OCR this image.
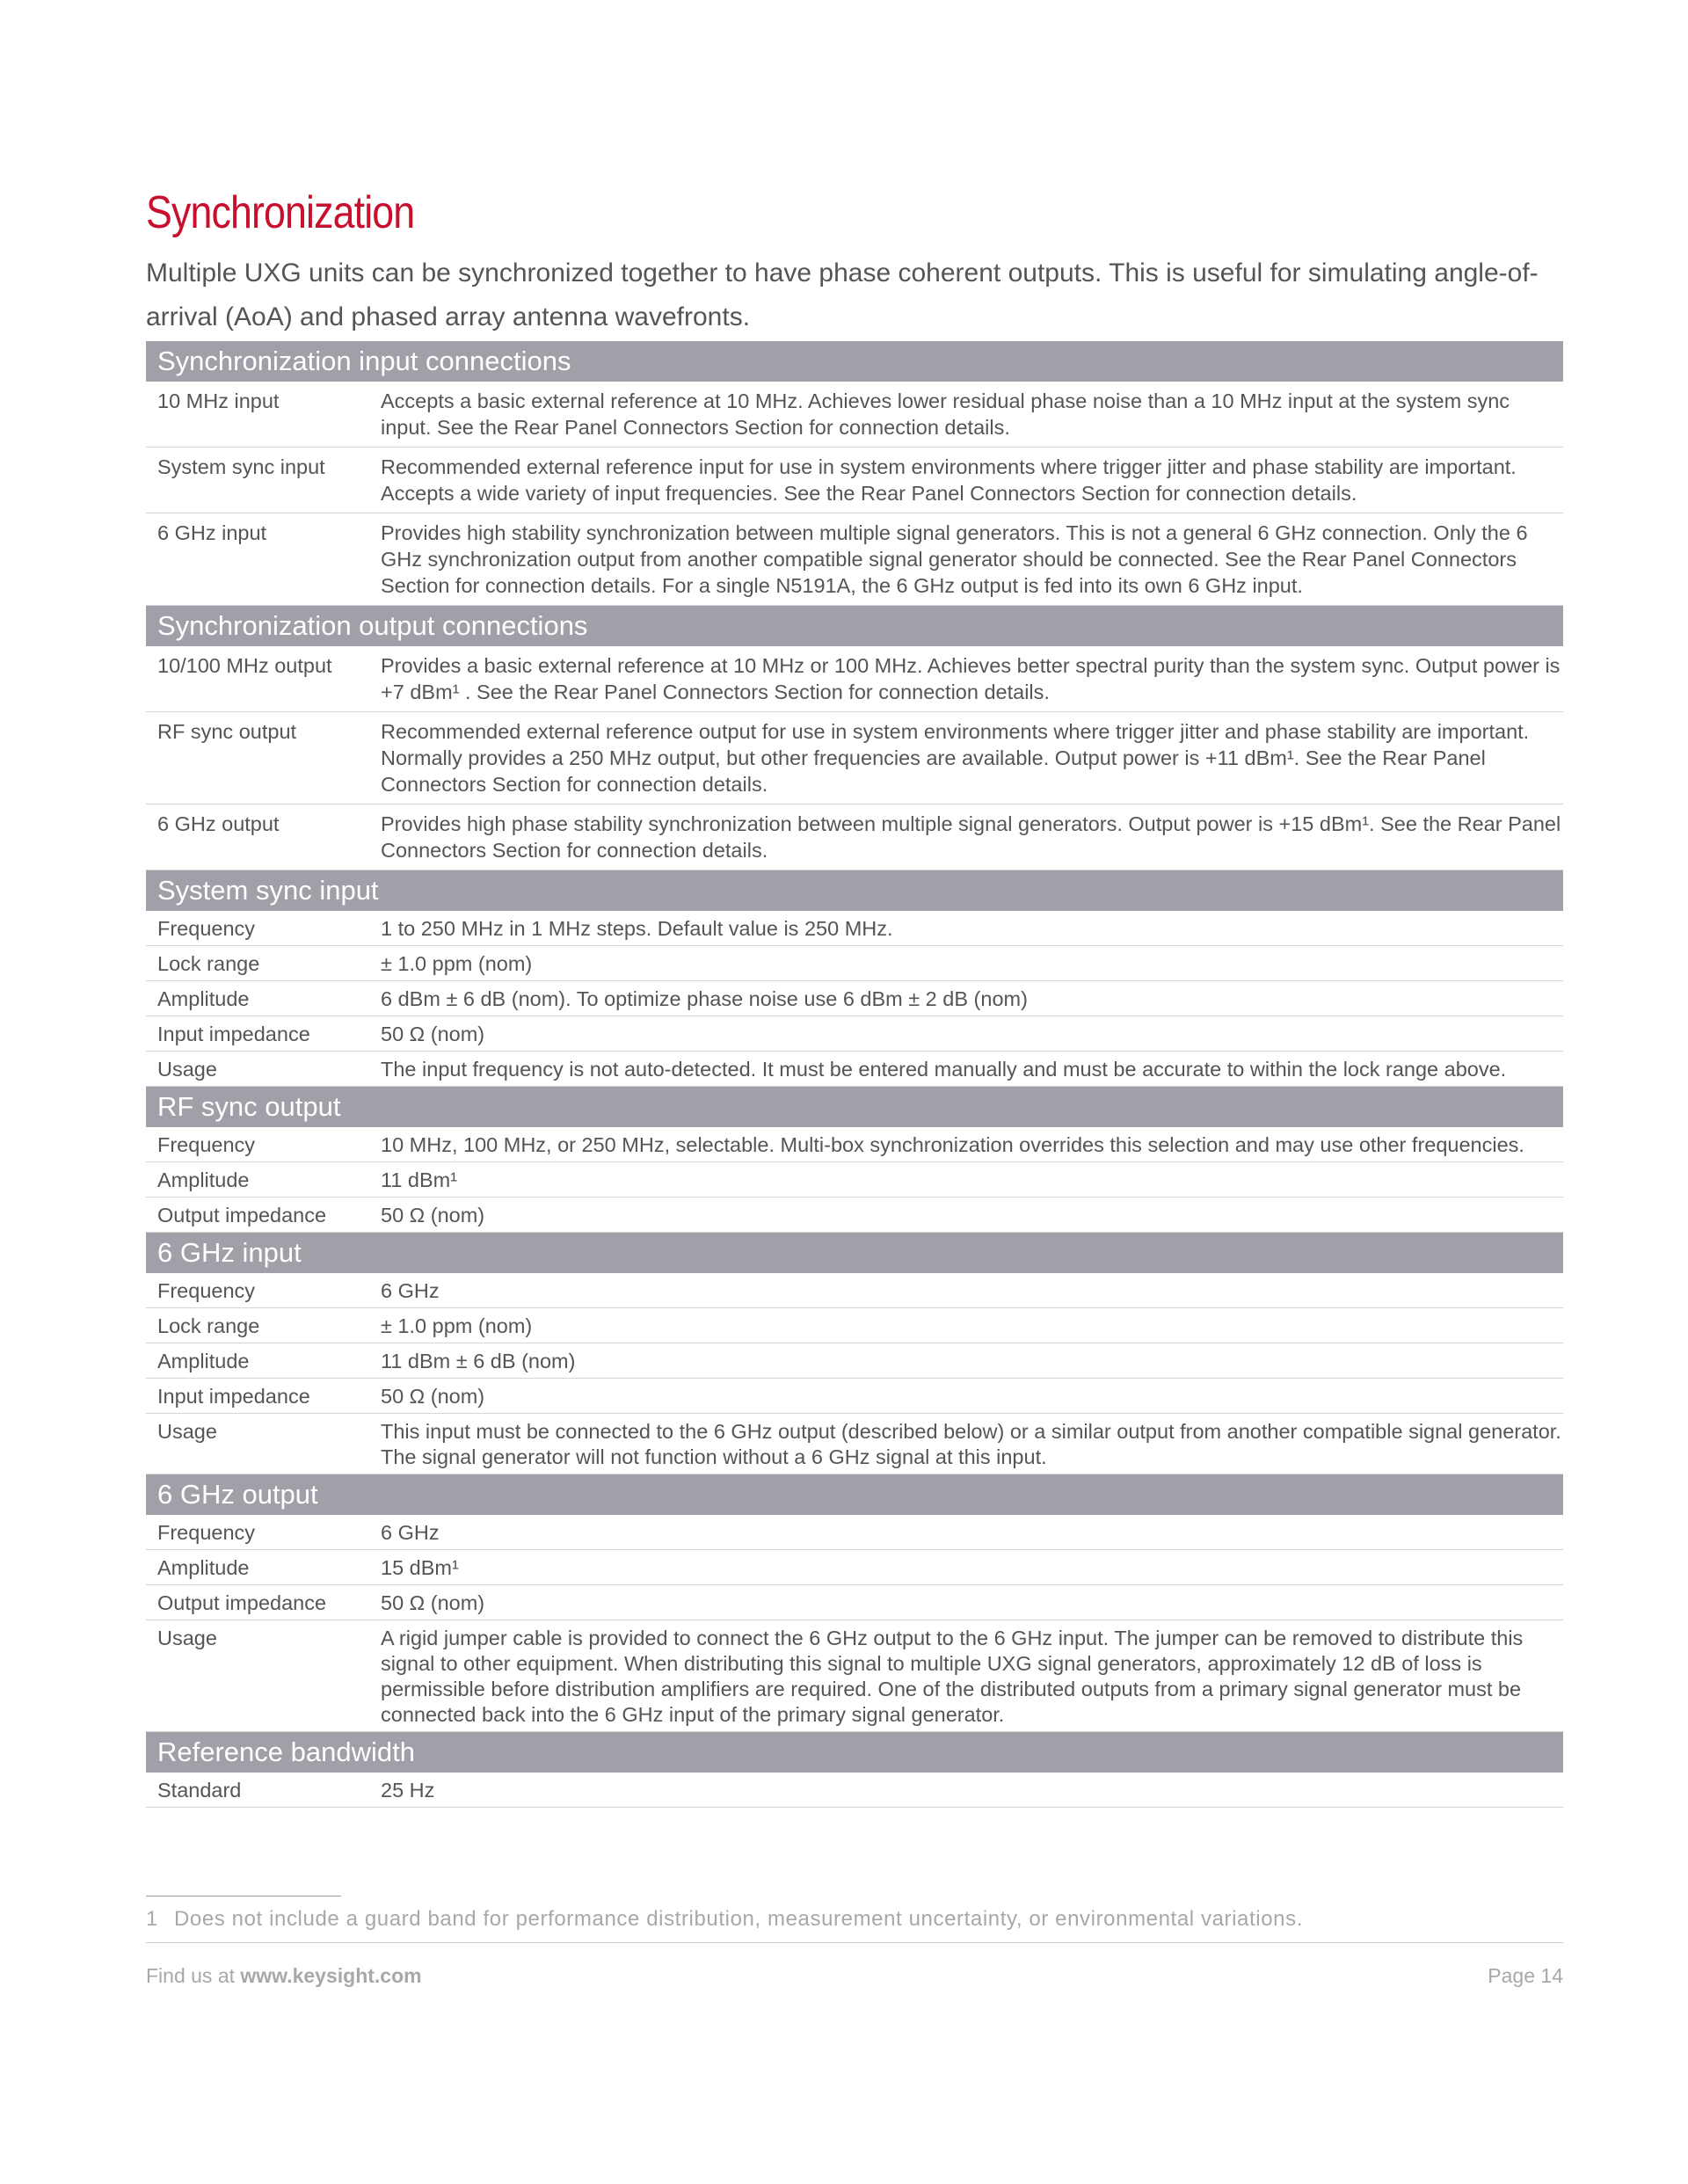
Synchronization

Multiple UXG units can be synchronized together to have phase coherent outputs. This is useful for simulating angle-of-arrival (AoA) and phased array antenna wavefronts.

Synchronization input connections	
10 MHz input	Accepts a basic external reference at 10 MHz. Achieves lower residual phase noise than a 10 MHz input at the system sync input. See the Rear Panel Connectors Section for connection details.
System sync input	Recommended external reference input for use in system environments where trigger jitter and phase stability are important. Accepts a wide variety of input frequencies. See the Rear Panel Connectors Section for connection details.
6 GHz input	Provides high stability synchronization between multiple signal generators. This is not a general 6 GHz connection. Only the 6 GHz synchronization output from another compatible signal generator should be connected. See the Rear Panel Connectors Section for connection details. For a single N5191A, the 6 GHz output is fed into its own 6 GHz input.
Synchronization output connections	
10/100 MHz output	Provides a basic external reference at 10 MHz or 100 MHz. Achieves better spectral purity than the system sync. Output power is +7 dBm¹ . See the Rear Panel Connectors Section for connection details.
RF sync output	Recommended external reference output for use in system environments where trigger jitter and phase stability are important. Normally provides a 250 MHz output, but other frequencies are available. Output power is +11 dBm¹. See the Rear Panel Connectors Section for connection details.
6 GHz output	Provides high phase stability synchronization between multiple signal generators. Output power is +15 dBm¹. See the Rear Panel Connectors Section for connection details.
System sync input	
Frequency	1 to 250 MHz in 1 MHz steps. Default value is 250 MHz.
Lock range	± 1.0 ppm (nom)
Amplitude	6 dBm ± 6 dB (nom). To optimize phase noise use 6 dBm ± 2 dB (nom)
Input impedance	50 Ω (nom)
Usage	The input frequency is not auto-detected. It must be entered manually and must be accurate to within the lock range above.
RF sync output	
Frequency	10 MHz, 100 MHz, or 250 MHz, selectable. Multi-box synchronization overrides this selection and may use other frequencies.
Amplitude	11 dBm¹
Output impedance	50 Ω (nom)
6 GHz input	
Frequency	6 GHz
Lock range	± 1.0 ppm (nom)
Amplitude	11 dBm ± 6 dB (nom)
Input impedance	50 Ω (nom)
Usage	This input must be connected to the 6 GHz output (described below) or a similar output from another compatible signal generator. The signal generator will not function without a 6 GHz signal at this input.
6 GHz output	
Frequency	6 GHz
Amplitude	15 dBm¹
Output impedance	50 Ω (nom)
Usage	A rigid jumper cable is provided to connect the 6 GHz output to the 6 GHz input. The jumper can be removed to distribute this signal to other equipment. When distributing this signal to multiple UXG signal generators, approximately 12 dB of loss is permissible before distribution amplifiers are required. One of the distributed outputs from a primary signal generator must be connected back into the 6 GHz input of the primary signal generator.
Reference bandwidth	
Standard	25 Hz
1 Does not include a guard band for performance distribution, measurement uncertainty, or environmental variations.
Find us at www.keysight.com	Page 14
